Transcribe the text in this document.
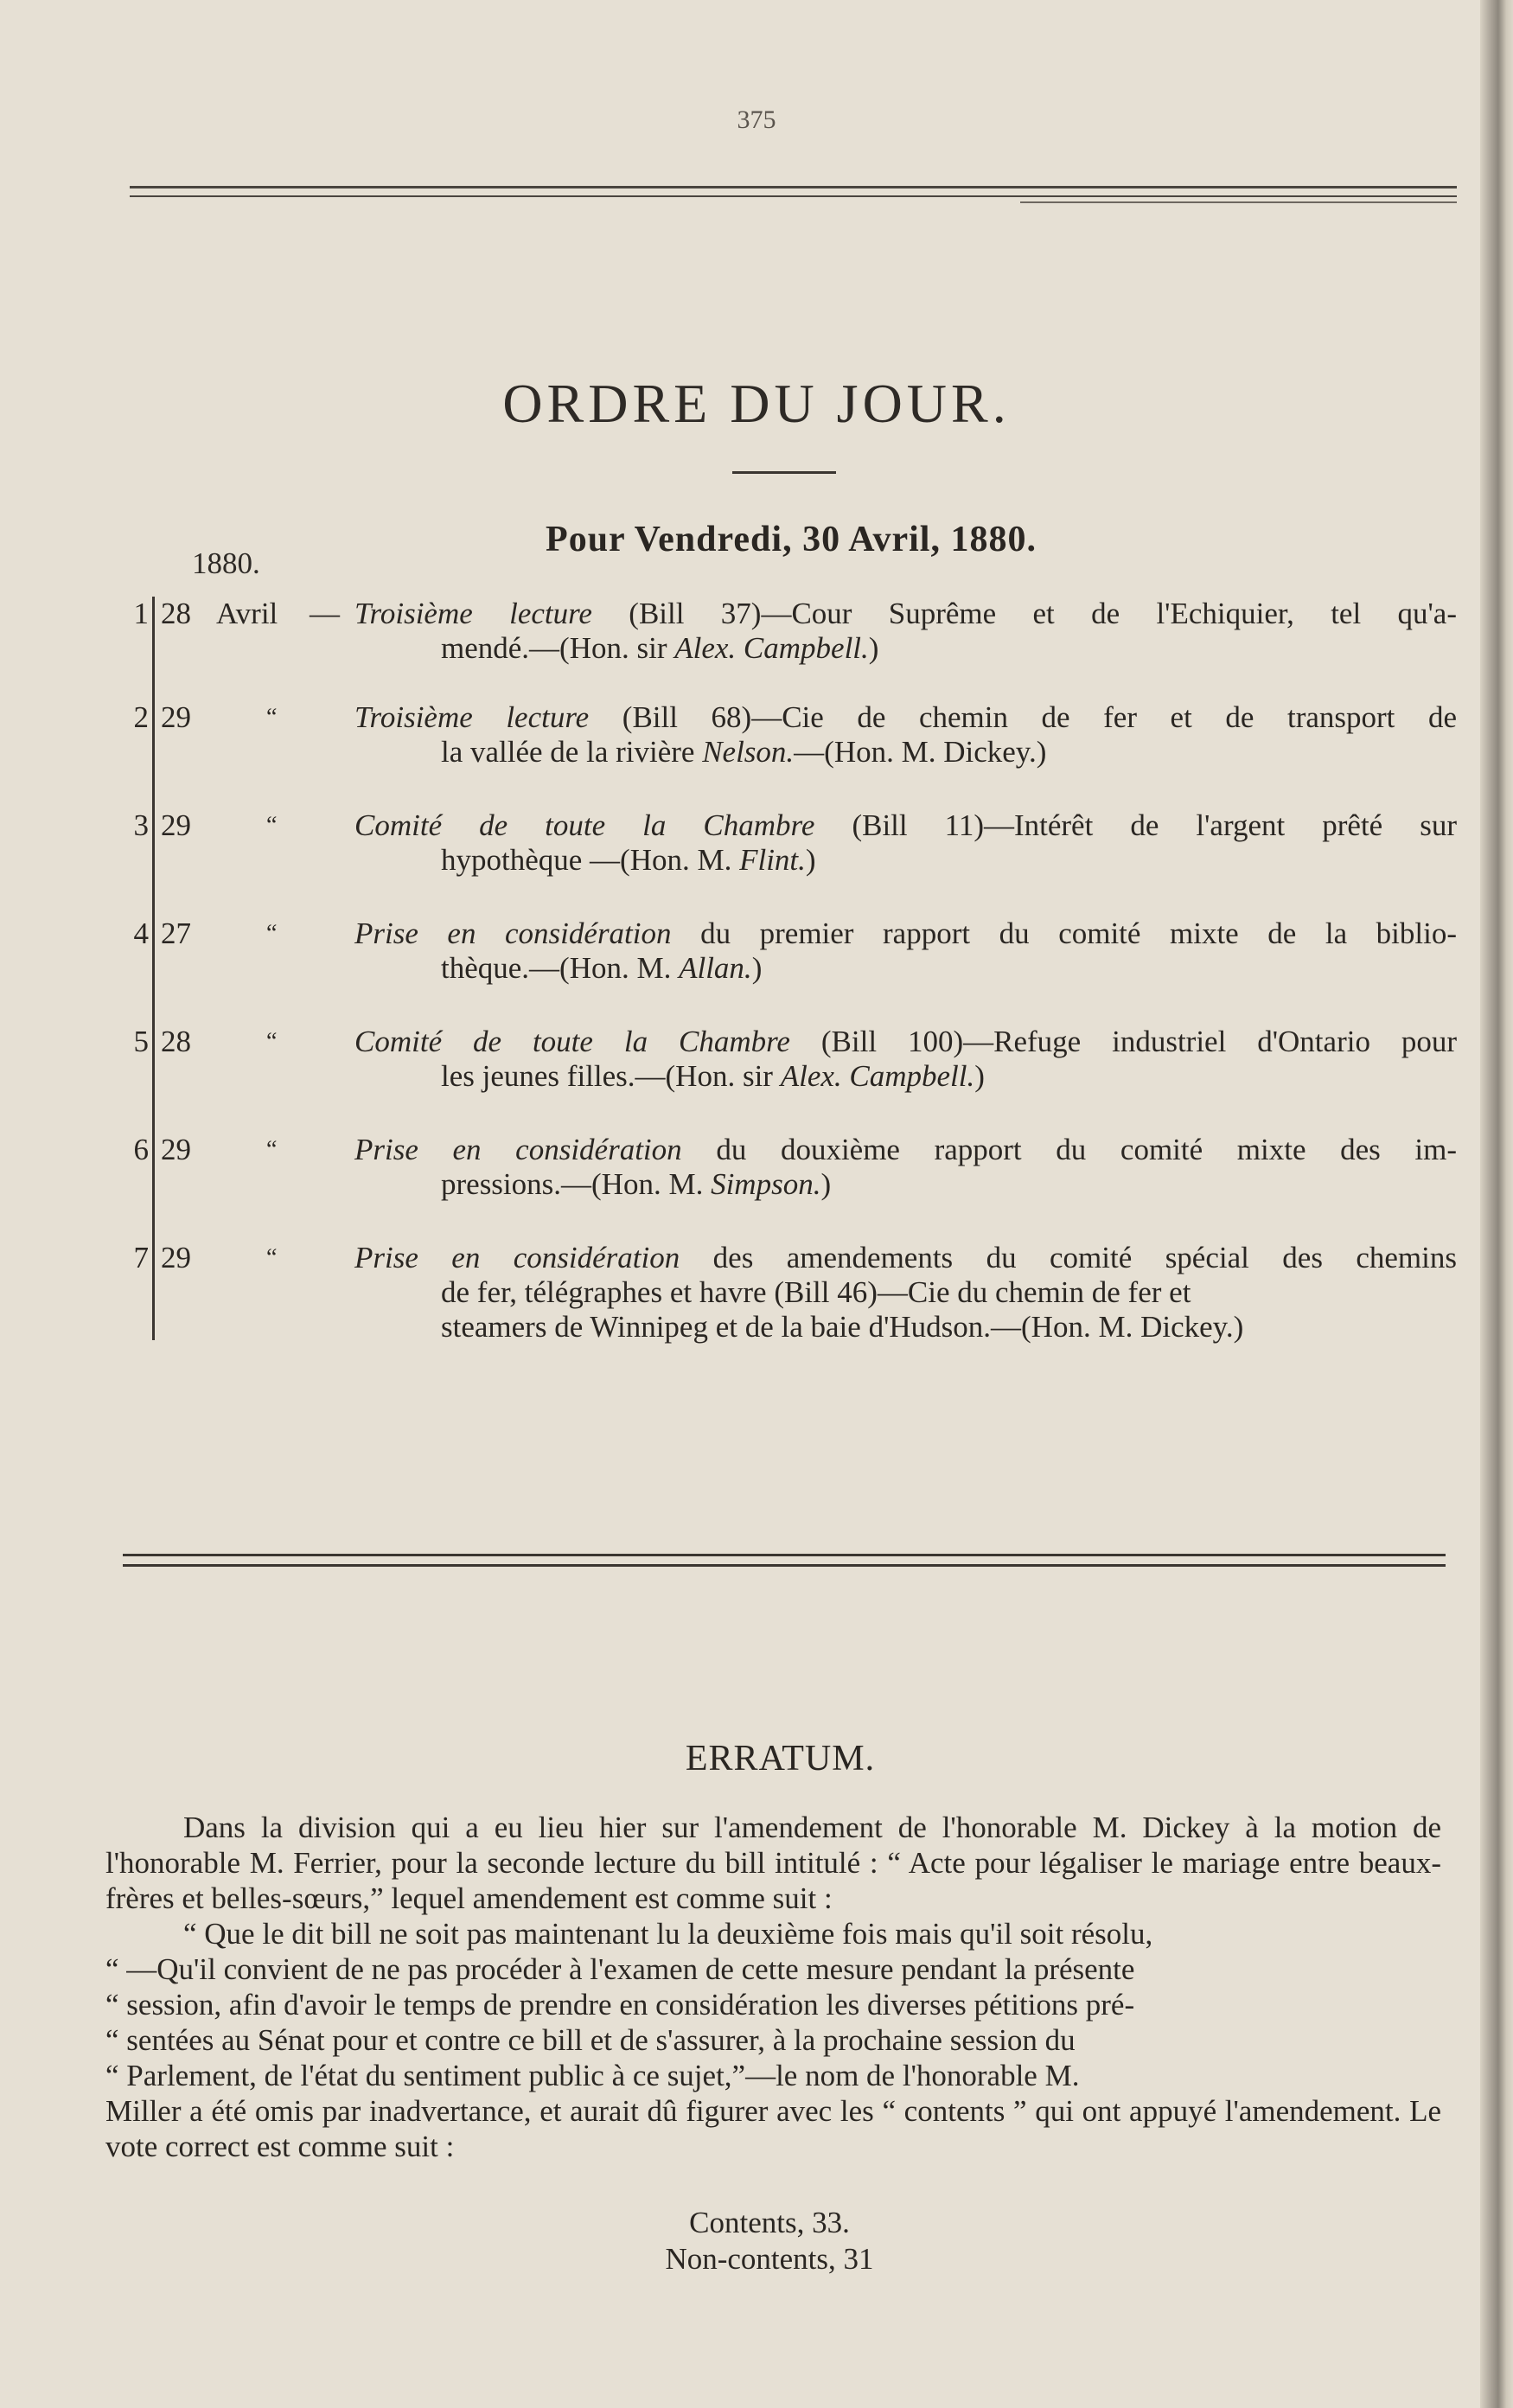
375
ORDRE DU JOUR.
Pour Vendredi, 30 Avril, 1880.
1880.
1 28 Avril — Troisième lecture (Bill 37)—Cour Suprême et de l'Echiquier, tel qu'a-
mendé.—(Hon. sir Alex. Campbell.)
2 29	“	Troisième lecture (Bill 68)—Cie de chemin de fer et de transport de
la vallée de la rivière Nelson.—(Hon. M. Dickey.)
3 29	“	Comité de toute la Chambre (Bill 11)—Intérêt de l'argent prêté sur
hypothèque —(Hon. M. Flint.)
4 27	“	Prise en considération du premier rapport du comité mixte de la biblio-
thèque.—(Hon. M. Allan.)
5 28	“	Comité de toute la Chambre (Bill 100)—Refuge industriel d'Ontario pour
les jeunes filles.—(Hon. sir Alex. Campbell.)
6 29	“	Prise en considération du douxième rapport du comité mixte des im-
pressions.—(Hon. M. Simpson.)
7 29	“	Prise en considération des amendements du comité spécial des chemins
de fer, télégraphes et havre (Bill 46)—Cie du chemin de fer et
steamers de Winnipeg et de la baie d'Hudson.—(Hon. M. Dickey.)
ERRATUM.

Dans la division qui a eu lieu hier sur l'amendement de l'honorable M. Dickey à la motion de l'honorable M. Ferrier, pour la seconde lecture du bill intitulé : “ Acte pour légaliser le mariage entre beaux-frères et belles-sœurs,” lequel amendement est comme suit :

“ Que le dit bill ne soit pas maintenant lu la deuxième fois mais qu'il soit résolu,

“ —Qu'il convient de ne pas procéder à l'examen de cette mesure pendant la présente

“ session, afin d'avoir le temps de prendre en considération les diverses pétitions pré-

“ sentées au Sénat pour et contre ce bill et de s'assurer, à la prochaine session du

“ Parlement, de l'état du sentiment public à ce sujet,”—le nom de l'honorable M.

Miller a été omis par inadvertance, et aurait dû figurer avec les “ contents ” qui ont appuyé l'amendement. Le vote correct est comme suit :

Contents, 33.
Non-contents, 31
